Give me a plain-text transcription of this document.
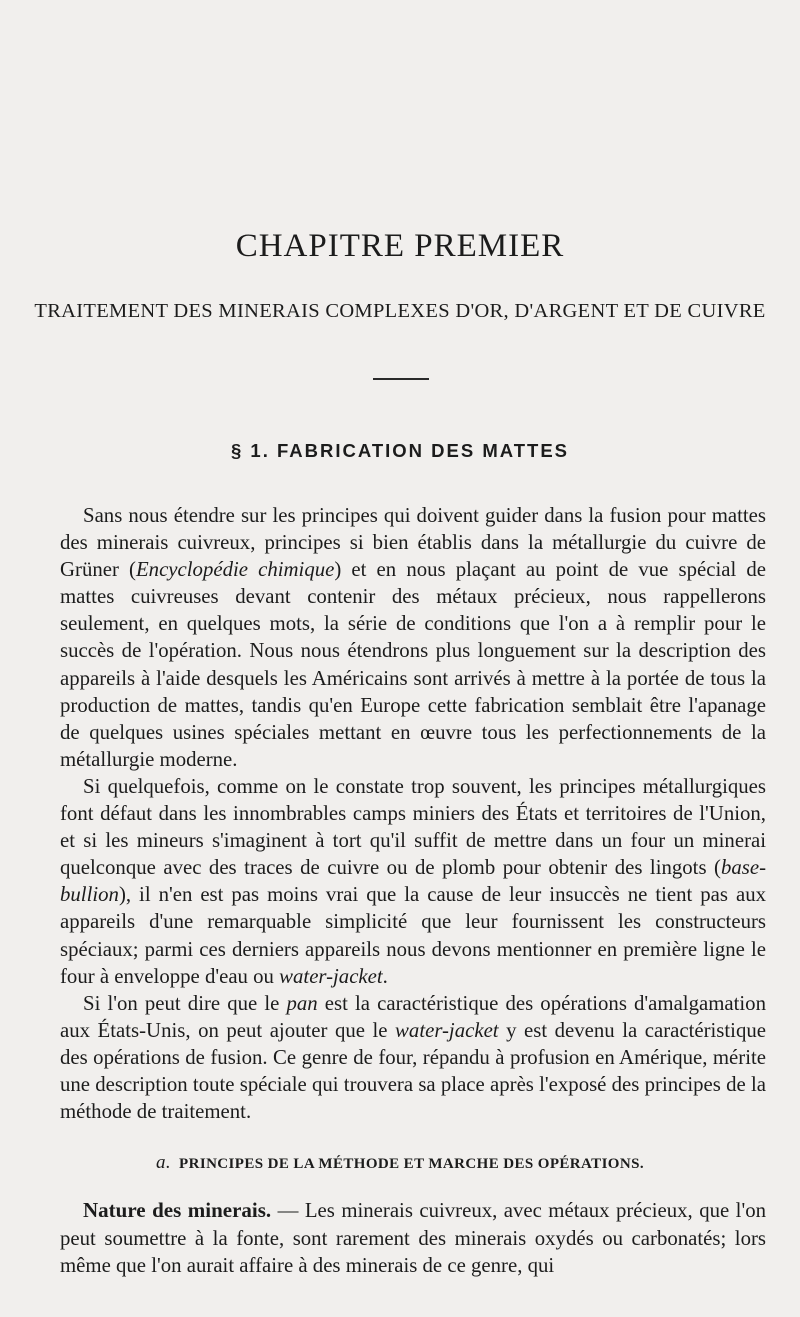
CHAPITRE PREMIER
TRAITEMENT DES MINERAIS COMPLEXES D'OR, D'ARGENT ET DE CUIVRE
§ 1. FABRICATION DES MATTES

Sans nous étendre sur les principes qui doivent guider dans la fusion pour mattes des minerais cuivreux, principes si bien établis dans la métallurgie du cuivre de Grüner (Encyclopédie chimique) et en nous plaçant au point de vue spécial de mattes cuivreuses devant contenir des métaux précieux, nous rappellerons seulement, en quelques mots, la série de conditions que l'on a à remplir pour le succès de l'opération. Nous nous étendrons plus longuement sur la description des appareils à l'aide desquels les Américains sont arrivés à mettre à la portée de tous la production de mattes, tandis qu'en Europe cette fabrication semblait être l'apanage de quelques usines spéciales mettant en œuvre tous les perfectionnements de la métallurgie moderne.

Si quelquefois, comme on le constate trop souvent, les principes métallurgiques font défaut dans les innombrables camps miniers des États et territoires de l'Union, et si les mineurs s'imaginent à tort qu'il suffit de mettre dans un four un minerai quelconque avec des traces de cuivre ou de plomb pour obtenir des lingots (base-bullion), il n'en est pas moins vrai que la cause de leur insuccès ne tient pas aux appareils d'une remarquable simplicité que leur fournissent les constructeurs spéciaux; parmi ces derniers appareils nous devons mentionner en première ligne le four à enveloppe d'eau ou water-jacket.

Si l'on peut dire que le pan est la caractéristique des opérations d'amalgamation aux États-Unis, on peut ajouter que le water-jacket y est devenu la caractéristique des opérations de fusion. Ce genre de four, répandu à profusion en Amérique, mérite une description toute spéciale qui trouvera sa place après l'exposé des principes de la méthode de traitement.

a. PRINCIPES DE LA MÉTHODE ET MARCHE DES OPÉRATIONS.

Nature des minerais. — Les minerais cuivreux, avec métaux précieux, que l'on peut soumettre à la fonte, sont rarement des minerais oxydés ou carbonatés; lors même que l'on aurait affaire à des minerais de ce genre, qui
